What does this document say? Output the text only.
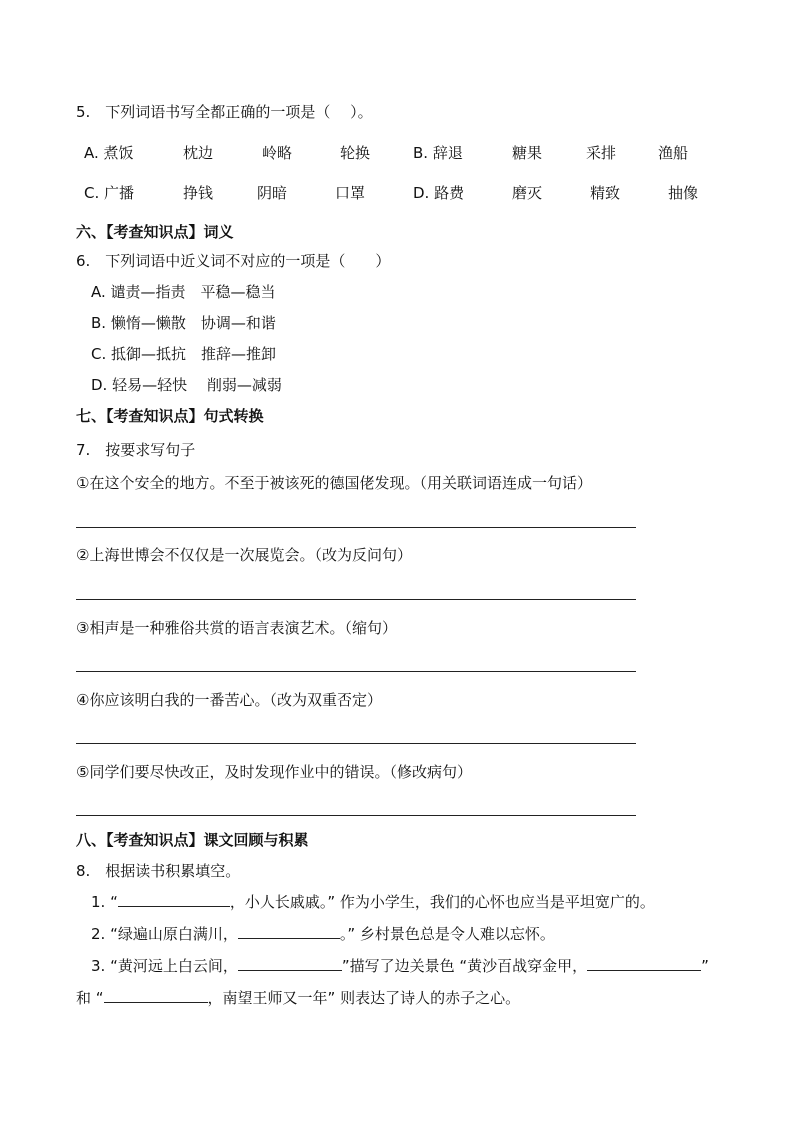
5.　下列词语书写全都正确的一项是（　 ）。
A. 煮饭	枕边	岭略	轮换	B. 辞退	糖果	采排	渔船
C. 广播	挣钱	阴暗	口罩	D. 路费	磨灭	精致	抽像
六、【考查知识点】词义
6.　下列词语中近义词不对应的一项是（　　）
A. 谴责—指责　平稳—稳当
B. 懒惰—懒散　协调—和谐
C. 抵御—抵抗　推辞—推卸
D. 轻易—轻快　 削弱—减弱
七、【考查知识点】句式转换
7.　按要求写句子
①在这个安全的地方。不至于被该死的德国佬发现。（用关联词语连成一句话）
②上海世博会不仅仅是一次展览会。（改为反问句）
③相声是一种雅俗共赏的语言表演艺术。（缩句）
④你应该明白我的一番苦心。（改为双重否定）
⑤同学们要尽快改正，及时发现作业中的错误。（修改病句）
八、【考查知识点】课文回顾与积累
8.　根据读书积累填空。
1. “	，小人长戚戚。” 作为小学生，我们的心怀也应当是平坦宽广的。
2. “绿遍山原白满川，	。” 乡村景色总是令人难以忘怀。
3. “黄河远上白云间，	”描写了边关景色 “黄沙百战穿金甲，	”
和 “	，南望王师又一年” 则表达了诗人的赤子之心。
